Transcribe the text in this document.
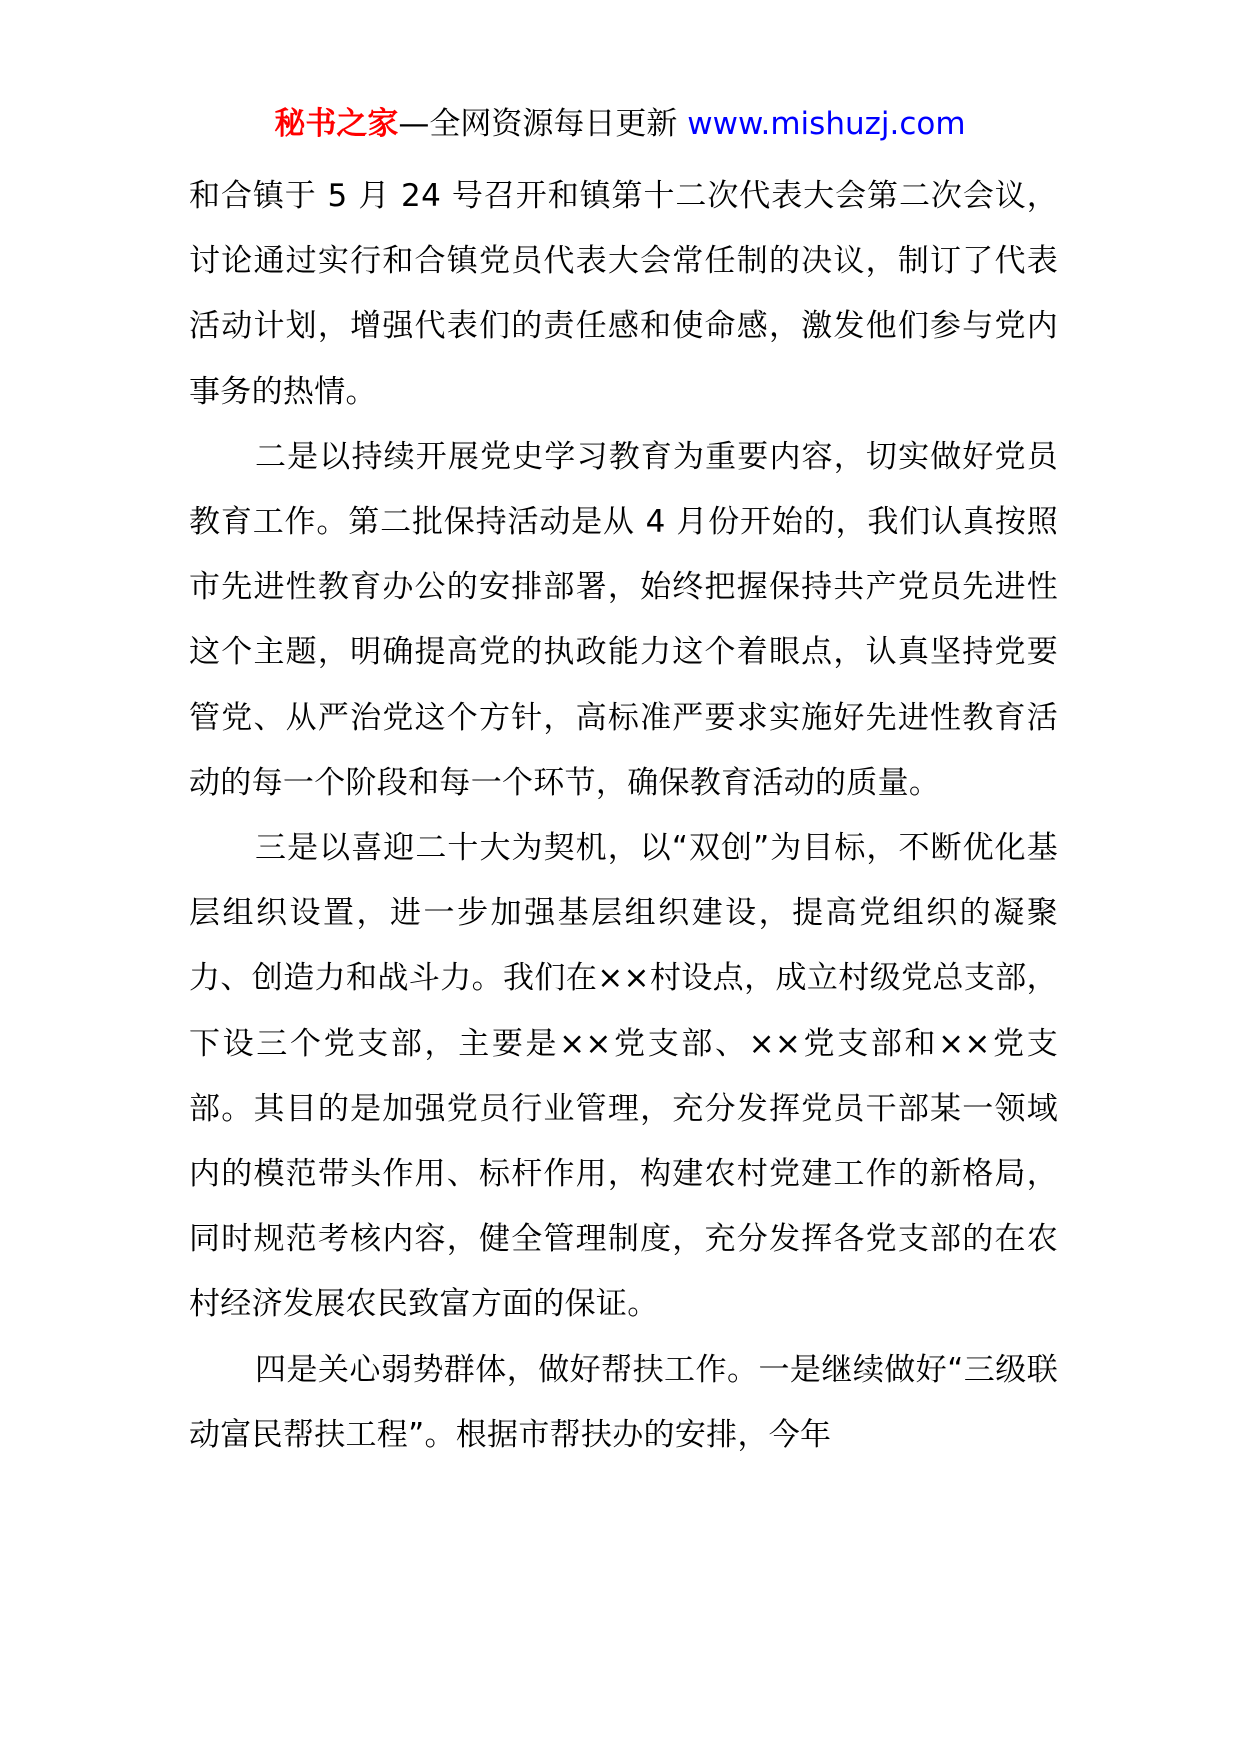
秘书之家—全网资源每日更新 www.mishuzj.com

和合镇于 5 月 24 号召开和镇第十二次代表大会第二次会议，讨论通过实行和合镇党员代表大会常任制的决议，制订了代表活动计划，增强代表们的责任感和使命感，激发他们参与党内事务的热情。

二是以持续开展党史学习教育为重要内容，切实做好党员教育工作。第二批保持活动是从 4 月份开始的，我们认真按照市先进性教育办公的安排部署，始终把握保持共产党员先进性这个主题，明确提高党的执政能力这个着眼点，认真坚持党要管党、从严治党这个方针，高标准严要求实施好先进性教育活动的每一个阶段和每一个环节，确保教育活动的质量。

三是以喜迎二十大为契机，以“双创”为目标，不断优化基层组织设置，进一步加强基层组织建设，提高党组织的凝聚力、创造力和战斗力。我们在××村设点，成立村级党总支部，下设三个党支部，主要是××党支部、××党支部和××党支部。其目的是加强党员行业管理，充分发挥党员干部某一领域内的模范带头作用、标杆作用，构建农村党建工作的新格局，同时规范考核内容，健全管理制度，充分发挥各党支部的在农村经济发展农民致富方面的保证。

四是关心弱势群体，做好帮扶工作。一是继续做好“三级联动富民帮扶工程”。根据市帮扶办的安排，今年
